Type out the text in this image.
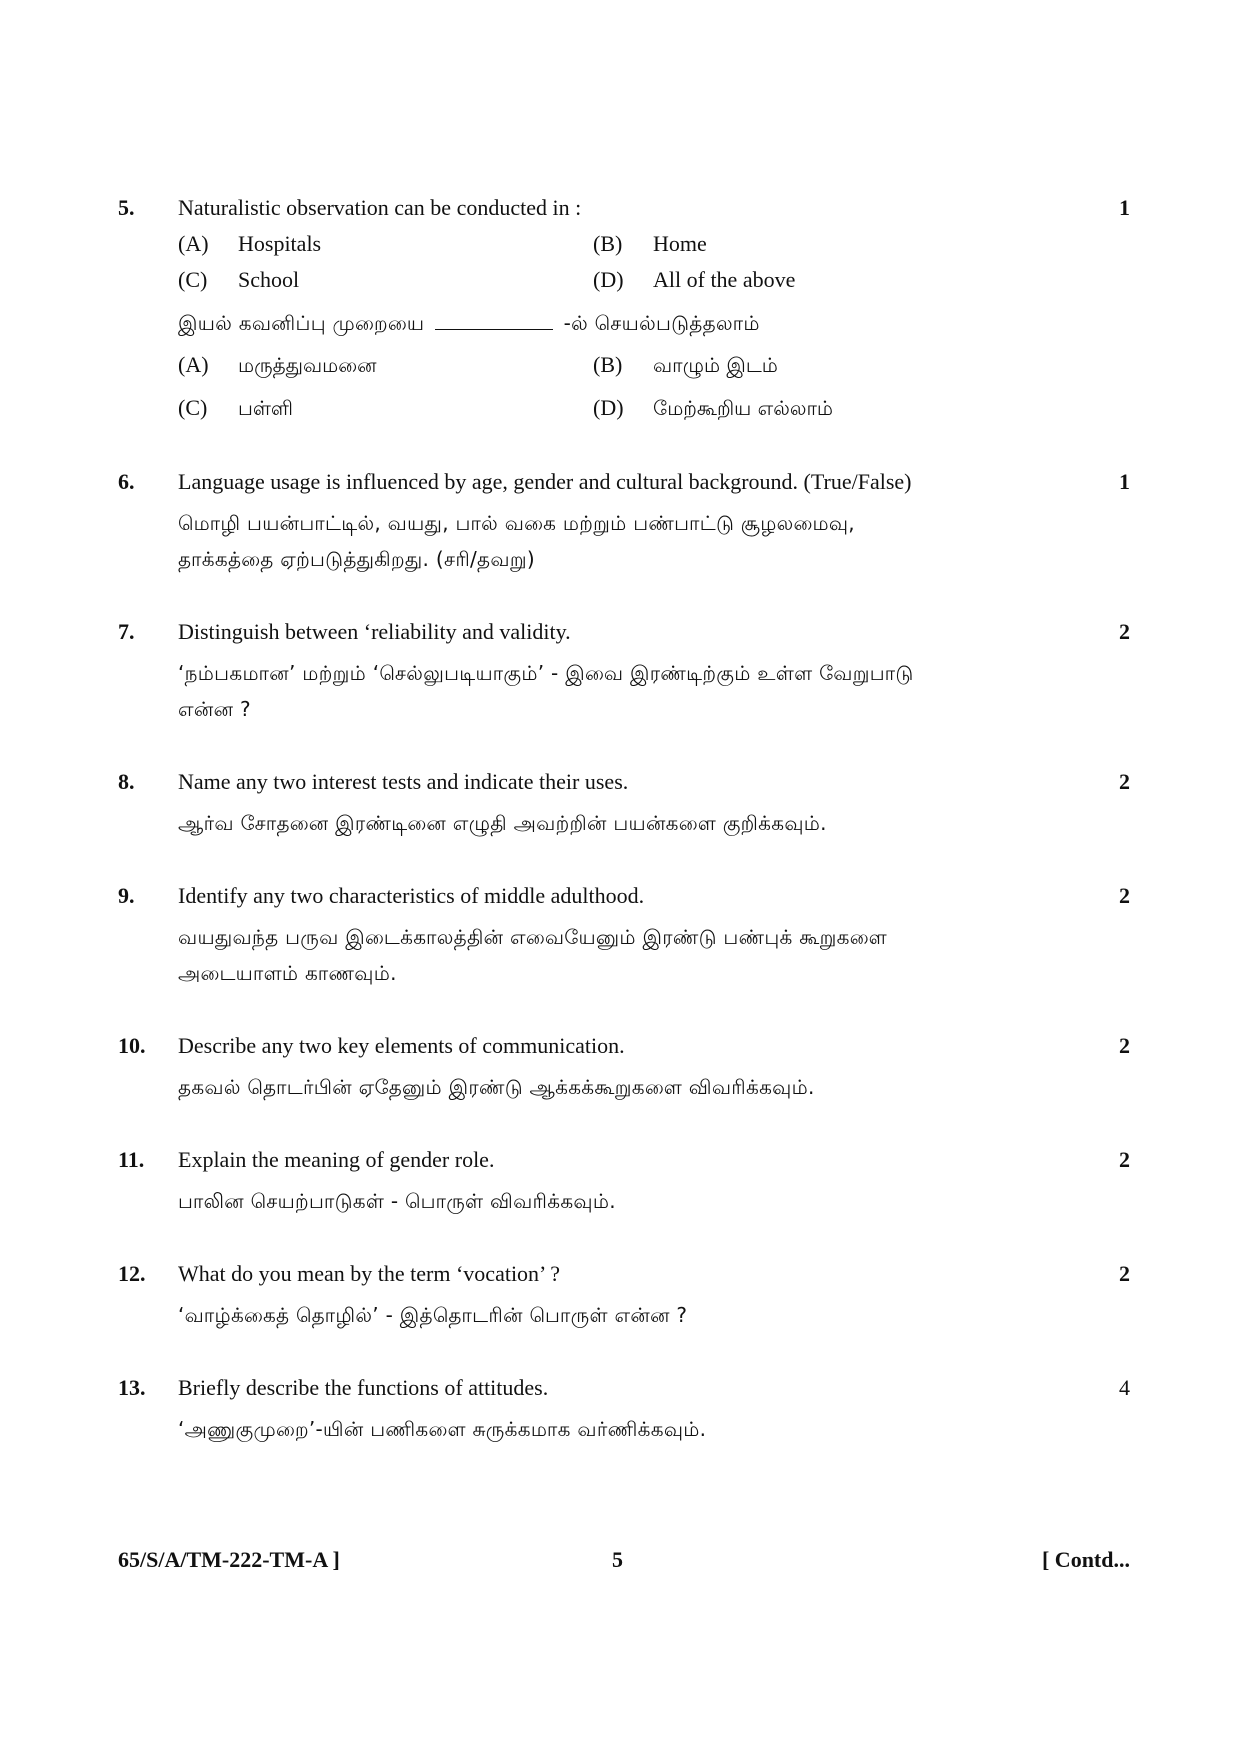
5. Naturalistic observation can be conducted in :	1
(A) Hospitals	(B) Home
(C) School	(D) All of the above
இயல் கவனிப்பு முறையை	-ல் செயல்படுத்தலாம்
(A) மருத்துவமனை	(B) வாழும் இடம்
(C) பள்ளி	(D) மேற்கூறிய எல்லாம்
6. Language usage is influenced by age, gender and cultural background. (True/False)	1
மொழி பயன்பாட்டில், வயது, பால் வகை மற்றும் பண்பாட்டு சூழலமைவு,
தாக்கத்தை ஏற்படுத்துகிறது. (சரி/தவறு)
7. Distinguish between ‘reliability and validity.	2
‘நம்பகமான’ மற்றும் ‘செல்லுபடியாகும்’ - இவை இரண்டிற்கும் உள்ள வேறுபாடு
என்ன ?
8. Name any two interest tests and indicate their uses.	2
ஆர்வ சோதனை இரண்டினை எழுதி அவற்றின் பயன்களை குறிக்கவும்.
9. Identify any two characteristics of middle adulthood.	2
வயதுவந்த பருவ இடைக்காலத்தின் எவையேனும் இரண்டு பண்புக் கூறுகளை
அடையாளம் காணவும்.
10. Describe any two key elements of communication.	2
தகவல் தொடர்பின் ஏதேனும் இரண்டு ஆக்கக்கூறுகளை விவரிக்கவும்.
11. Explain the meaning of gender role.	2
பாலின செயற்பாடுகள் - பொருள் விவரிக்கவும்.
12. What do you mean by the term ‘vocation’ ?	2
‘வாழ்க்கைத் தொழில்’ - இத்தொடரின் பொருள் என்ன ?
13. Briefly describe the functions of attitudes.	4
‘அணுகுமுறை’-யின் பணிகளை சுருக்கமாக வர்ணிக்கவும்.
65/S/A/TM-222-TM-A ]	5	[ Contd...
